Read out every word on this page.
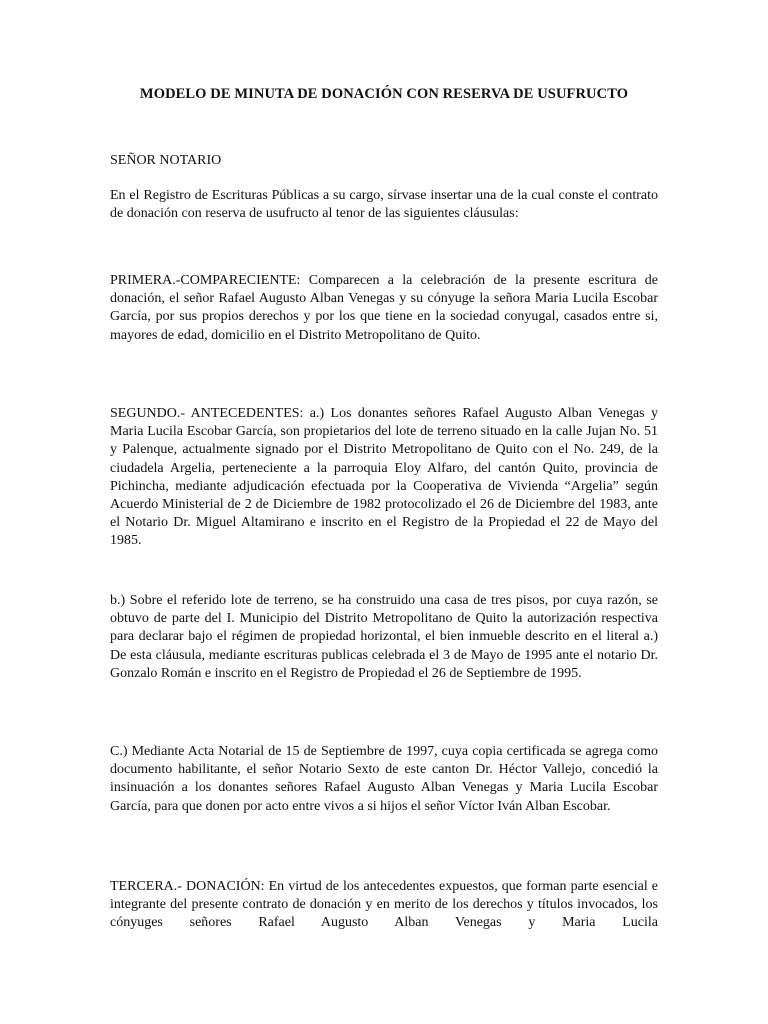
MODELO DE MINUTA DE DONACIÓN CON RESERVA DE USUFRUCTO
SEÑOR NOTARIO

En el Registro de Escrituras Públicas a su cargo, sírvase insertar una de la cual conste el contrato de donación con reserva de usufructo al tenor de las siguientes cláusulas:

PRIMERA.-COMPARECIENTE: Comparecen a la celebración de la presente escritura de donación, el señor Rafael Augusto Alban Venegas y su cónyuge la señora Maria Lucila Escobar García, por sus propios derechos y por los que tiene en la sociedad conyugal, casados entre si, mayores de edad, domicilio en el Distrito Metropolitano de Quito.

SEGUNDO.- ANTECEDENTES: a.) Los donantes señores Rafael Augusto Alban Venegas y Maria Lucila Escobar García, son propietarios del lote de terreno situado en la calle Jujan No. 51 y Palenque, actualmente signado por el Distrito Metropolitano de Quito con el No. 249, de la ciudadela Argelia, perteneciente a la parroquia Eloy Alfaro, del cantón Quito, provincia de Pichincha, mediante adjudicación efectuada por la Cooperativa de Vivienda “Argelia” según Acuerdo Ministerial de 2 de Diciembre de 1982 protocolizado el 26 de Diciembre del 1983, ante el Notario Dr. Miguel Altamirano e inscrito en el Registro de la Propiedad el 22 de Mayo del 1985.

b.) Sobre el referido lote de terreno, se ha construido una casa de tres pisos, por cuya razón, se obtuvo de parte del I. Municipio del Distrito Metropolitano de Quito la autorización respectiva para declarar bajo el régimen de propiedad horizontal, el bien inmueble descrito en el literal a.) De esta cláusula, mediante escrituras publicas celebrada el 3 de Mayo de 1995 ante el notario Dr. Gonzalo Román e inscrito en el Registro de Propiedad el 26 de Septiembre de 1995.

C.) Mediante Acta Notarial de 15 de Septiembre de 1997, cuya copia certificada se agrega como documento habilitante, el señor Notario Sexto de este canton Dr. Héctor Vallejo, concedió la insinuación a los donantes señores Rafael Augusto Alban Venegas y Maria Lucila Escobar García, para que donen por acto entre vivos a si hijos el señor Víctor Iván Alban Escobar.

TERCERA.- DONACIÓN: En virtud de los antecedentes expuestos, que forman parte esencial e integrante del presente contrato de donación y en merito de los derechos y títulos invocados, los cónyuges señores Rafael Augusto Alban Venegas y Maria Lucila
